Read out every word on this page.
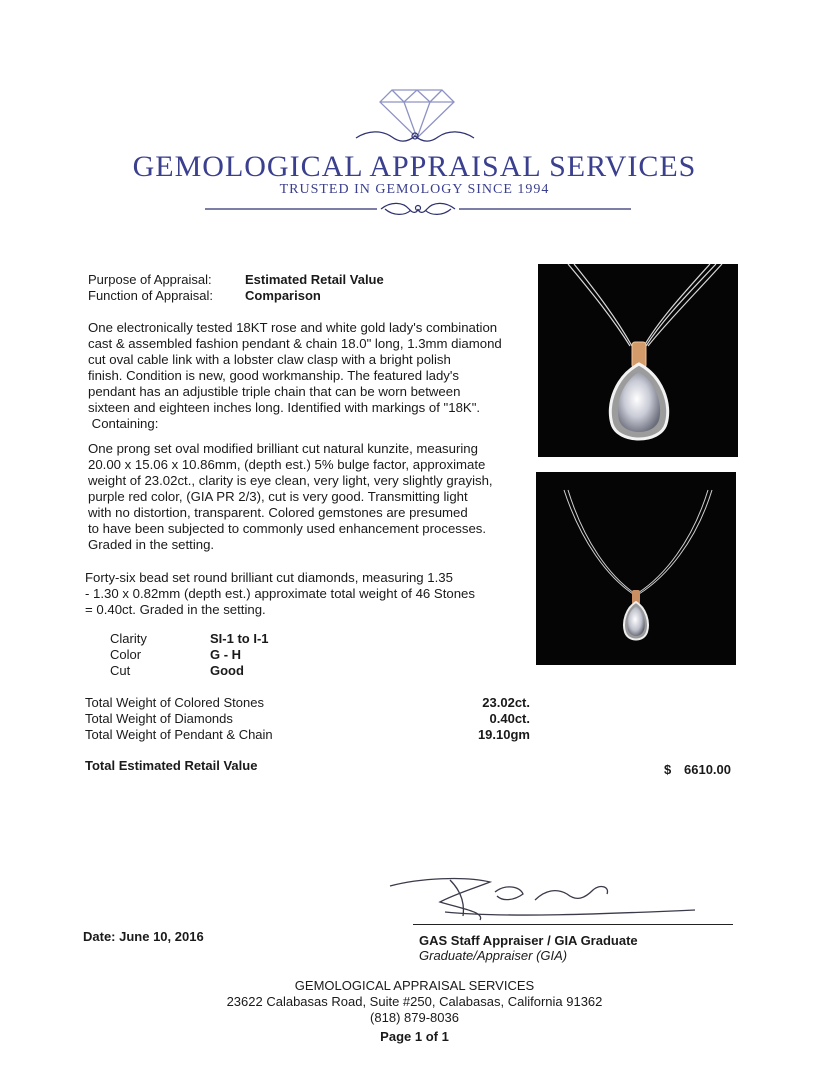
GEMOLOGICAL APPRAISAL SERVICES
TRUSTED IN GEMOLOGY SINCE 1994
Purpose of Appraisal:	Estimated Retail Value
Function of Appraisal: Comparison
One electronically tested 18KT rose and white gold lady's combination
cast & assembled fashion pendant & chain 18.0" long, 1.3mm diamond
cut oval cable link with a lobster claw clasp with a bright polish
finish. Condition is new, good workmanship. The featured lady's
pendant has an adjustible triple chain that can be worn between
sixteen and eighteen inches long. Identified with markings of "18K".
Containing:
One prong set oval modified brilliant cut natural kunzite, measuring
20.00 x 15.06 x 10.86mm, (depth est.) 5% bulge factor, approximate
weight of 23.02ct., clarity is eye clean, very light, very slightly grayish,
purple red color, (GIA PR 2/3), cut is very good. Transmitting light
with no distortion, transparent. Colored gemstones are presumed
to have been subjected to commonly used enhancement processes.
Graded in the setting.
Forty-six bead set round brilliant cut diamonds, measuring 1.35
- 1.30 x 0.82mm (depth est.) approximate total weight of 46 Stones
= 0.40ct. Graded in the setting.
Clarity	SI-1 to I-1
Color	G - H
Cut	Good
Total Weight of Colored Stones	23.02ct.
Total Weight of Diamonds	0.40ct.
Total Weight of Pendant & Chain	19.10gm
Total Estimated Retail Value	$ 6610.00
Date: June 10, 2016	GAS Staff Appraiser / GIA Graduate
Graduate/Appraiser (GIA)
GEMOLOGICAL APPRAISAL SERVICES
23622 Calabasas Road, Suite #250, Calabasas, California 91362
(818) 879-8036
Page 1 of 1
